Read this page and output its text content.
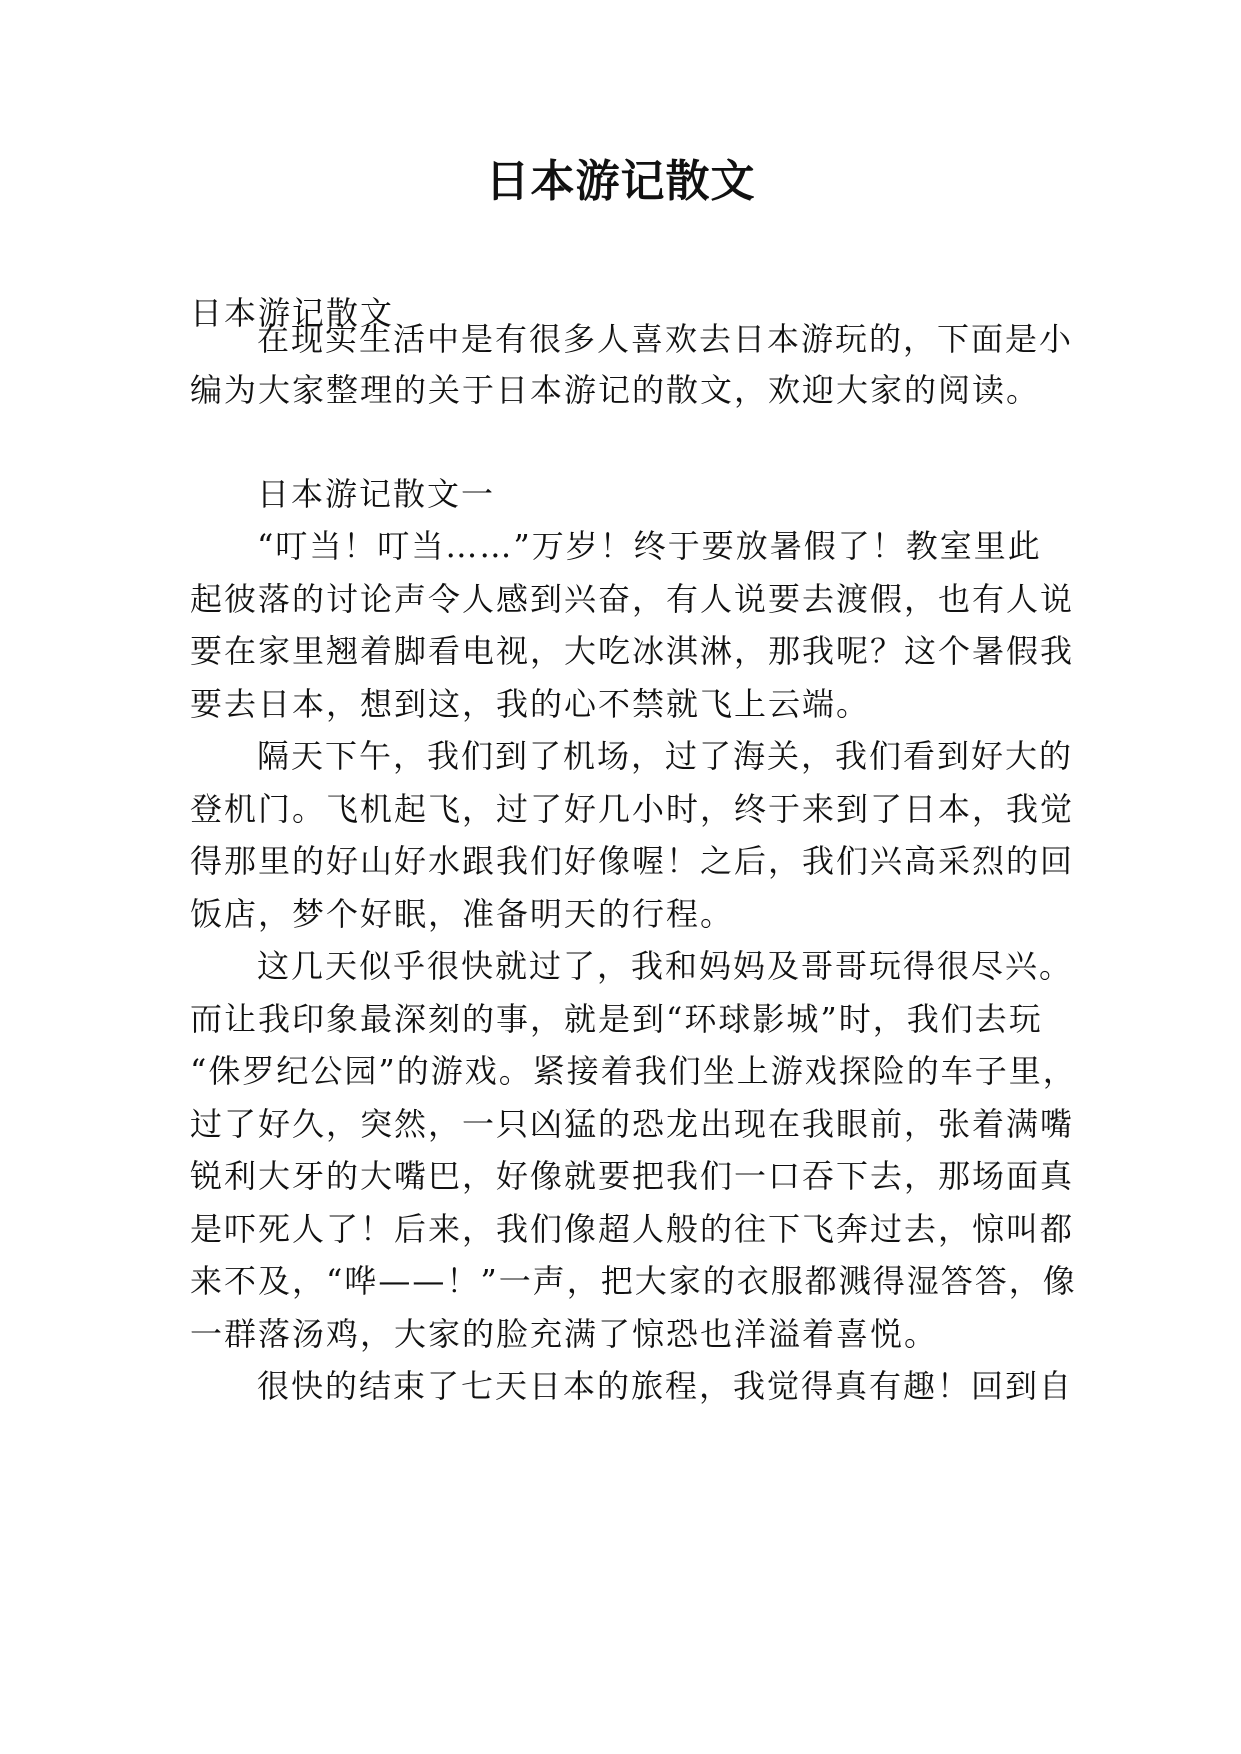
日本游记散文
日本游记散文
在现实生活中是有很多人喜欢去日本游玩的，下面是小
编为大家整理的关于日本游记的散文，欢迎大家的阅读。
日本游记散文一
“叮当！叮当……”万岁！终于要放暑假了！教室里此
起彼落的讨论声令人感到兴奋，有人说要去渡假，也有人说
要在家里翘着脚看电视，大吃冰淇淋，那我呢？这个暑假我
要去日本，想到这，我的心不禁就飞上云端。
隔天下午，我们到了机场，过了海关，我们看到好大的
登机门。飞机起飞，过了好几小时，终于来到了日本，我觉
得那里的好山好水跟我们好像喔！之后，我们兴高采烈的回
饭店，梦个好眠，准备明天的行程。
这几天似乎很快就过了，我和妈妈及哥哥玩得很尽兴。
而让我印象最深刻的事，就是到“环球影城”时，我们去玩
“侏罗纪公园”的游戏。紧接着我们坐上游戏探险的车子里，
过了好久，突然，一只凶猛的恐龙出现在我眼前，张着满嘴
锐利大牙的大嘴巴，好像就要把我们一口吞下去，那场面真
是吓死人了！后来，我们像超人般的往下飞奔过去，惊叫都
来不及，“哗——！”一声，把大家的衣服都溅得湿答答，像
一群落汤鸡，大家的脸充满了惊恐也洋溢着喜悦。
很快的结束了七天日本的旅程，我觉得真有趣！回到自
